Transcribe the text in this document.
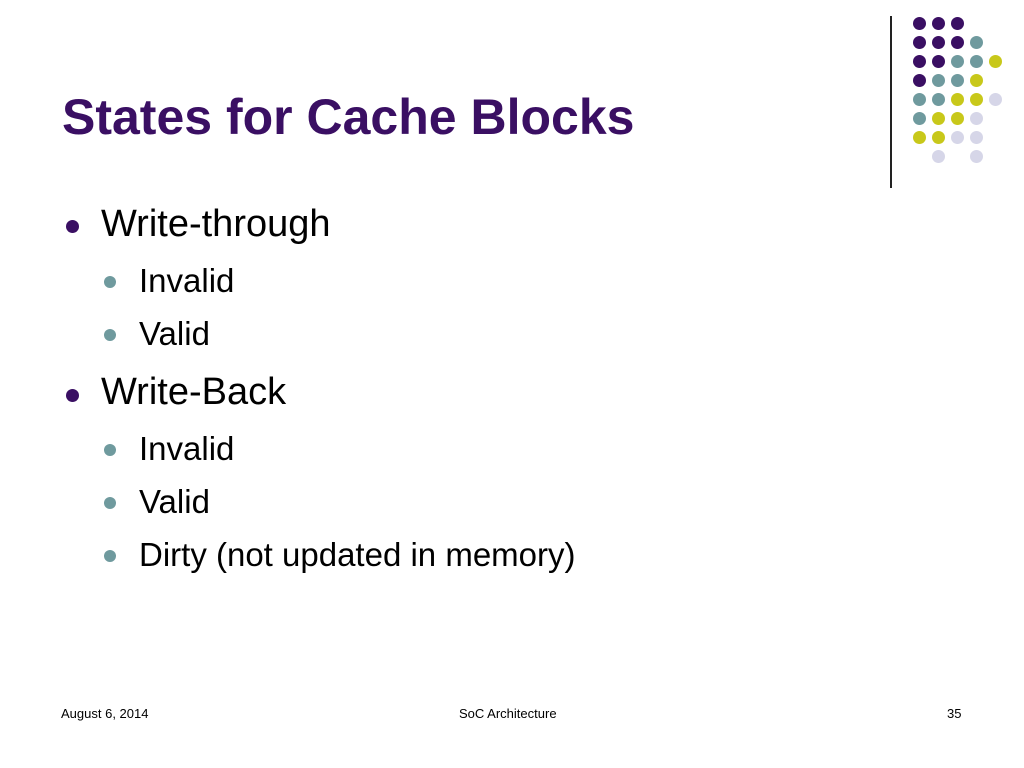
States for Cache Blocks
Write-through
Invalid
Valid
Write-Back
Invalid
Valid
Dirty (not updated in memory)
August 6, 2014	SoC Architecture	35
